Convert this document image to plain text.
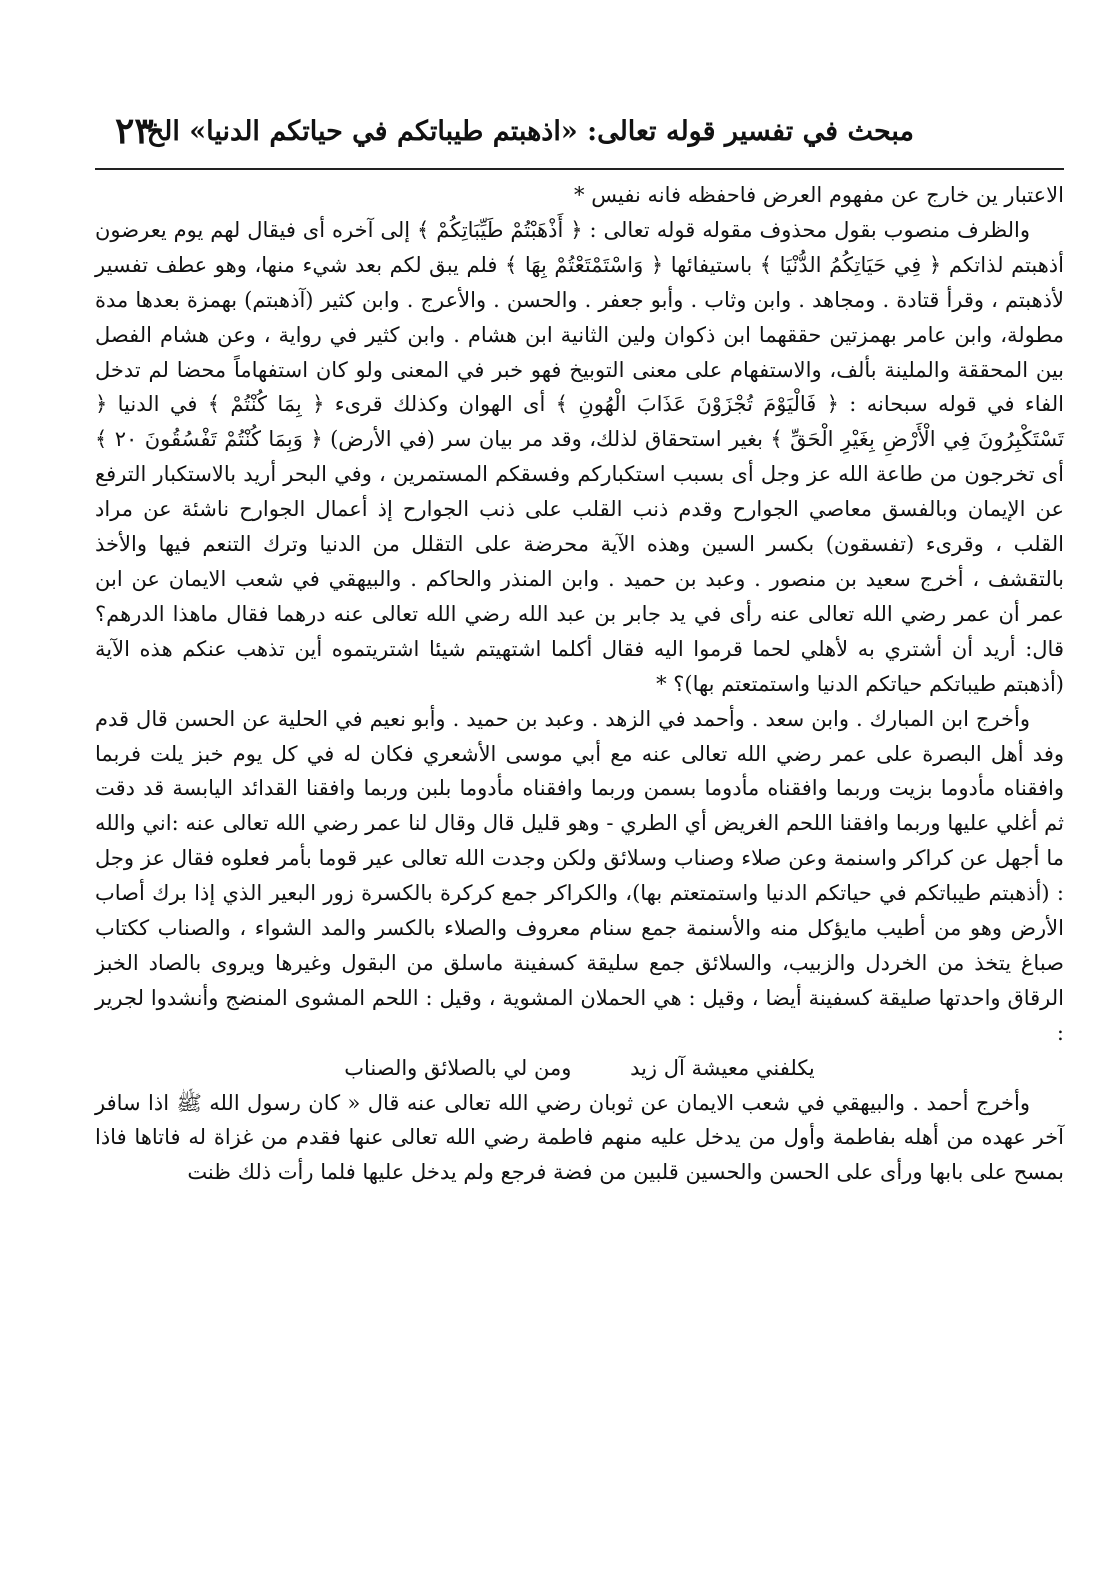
مبحث في تفسير قوله تعالى: «اذهبتم طيباتكم في حياتكم الدنيا» الخ
٢٣

الاعتبار ين خارج عن مفهوم العرض فاحفظه فانه نفيس *

والظرف منصوب بقول محذوف مقوله قوله تعالى : ﴿ أَذْهَبْتُمْ طَيِّبَاتِكُمْ ﴾ إلى آخره أى فيقال لهم يوم يعرضون أذهبتم لذاتكم ﴿ فِي حَيَاتِكُمُ الدُّنْيَا ﴾ باستيفائها ﴿ وَاسْتَمْتَعْتُمْ بِهَا ﴾ فلم يبق لكم بعد شيء منها، وهو عطف تفسير لأذهبتم ، وقرأ قتادة . ومجاهد . وابن وثاب . وأبو جعفر . والحسن . والأعرج . وابن كثير (آذهبتم) بهمزة بعدها مدة مطولة، وابن عامر بهمزتين حققهما ابن ذكوان ولين الثانية ابن هشام . وابن كثير في رواية ، وعن هشام الفصل بين المحققة والملينة بألف، والاستفهام على معنى التوبيخ فهو خبر في المعنى ولو كان استفهاماً محضا لم تدخل الفاء في قوله سبحانه : ﴿ فَالْيَوْمَ تُجْزَوْنَ عَذَابَ الْهُونِ ﴾ أى الهوان وكذلك قرىء ﴿ بِمَا كُنْتُمْ ﴾ في الدنيا ﴿ تَسْتَكْبِرُونَ فِي الْأَرْضِ بِغَيْرِ الْحَقِّ ﴾ بغير استحقاق لذلك، وقد مر بيان سر (في الأرض) ﴿ وَبِمَا كُنْتُمْ تَفْسُقُونَ ٢٠ ﴾ أى تخرجون من طاعة الله عز وجل أى بسبب استكباركم وفسقكم المستمرين ، وفي البحر أريد بالاستكبار الترفع عن الإيمان وبالفسق معاصي الجوارح وقدم ذنب القلب على ذنب الجوارح إذ أعمال الجوارح ناشئة عن مراد القلب ، وقرىء (تفسقون) بكسر السين وهذه الآية محرضة على التقلل من الدنيا وترك التنعم فيها والأخذ بالتقشف ، أخرج سعيد بن منصور . وعبد بن حميد . وابن المنذر والحاكم . والبيهقي في شعب الايمان عن ابن عمر أن عمر رضي الله تعالى عنه رأى في يد جابر بن عبد الله رضي الله تعالى عنه درهما فقال ماهذا الدرهم؟ قال: أريد أن أشتري به لأهلي لحما قرموا اليه فقال أكلما اشتهيتم شيئا اشتريتموه أين تذهب عنكم هذه الآية (أذهبتم طيباتكم حياتكم الدنيا واستمتعتم بها)؟ *

وأخرج ابن المبارك . وابن سعد . وأحمد في الزهد . وعبد بن حميد . وأبو نعيم في الحلية عن الحسن قال قدم وفد أهل البصرة على عمر رضي الله تعالى عنه مع أبي موسى الأشعري فكان له في كل يوم خبز يلت فربما وافقناه مأدوما بزيت وربما وافقناه مأدوما بسمن وربما وافقناه مأدوما بلبن وربما وافقنا القدائد اليابسة قد دقت ثم أغلي عليها وربما وافقنا اللحم الغريض أي الطري - وهو قليل قال وقال لنا عمر رضي الله تعالى عنه :اني والله ما أجهل عن كراكر واسنمة وعن صلاء وصناب وسلائق ولكن وجدت الله تعالى عير قوما بأمر فعلوه فقال عز وجل : (أذهبتم طيباتكم في حياتكم الدنيا واستمتعتم بها)، والكراكر جمع كركرة بالكسرة زور البعير الذي إذا برك أصاب الأرض وهو من أطيب مايؤكل منه والأسنمة جمع سنام معروف والصلاء بالكسر والمد الشواء ، والصناب ككتاب صباغ يتخذ من الخردل والزبيب، والسلائق جمع سليقة كسفينة ماسلق من البقول وغيرها ويروى بالصاد الخبز الرقاق واحدتها صليقة كسفينة أيضا ، وقيل : هي الحملان المشوية ، وقيل : اللحم المشوى المنضج وأنشدوا لجرير :

يكلفني معيشة آل زيد ومن لي بالصلائق والصناب

وأخرج أحمد . والبيهقي في شعب الايمان عن ثوبان رضي الله تعالى عنه قال « كان رسول الله ﷺ اذا سافر آخر عهده من أهله بفاطمة وأول من يدخل عليه منهم فاطمة رضي الله تعالى عنها فقدم من غزاة له فاتاها فاذا بمسح على بابها ورأى على الحسن والحسين قلبين من فضة فرجع ولم يدخل عليها فلما رأت ذلك ظنت
